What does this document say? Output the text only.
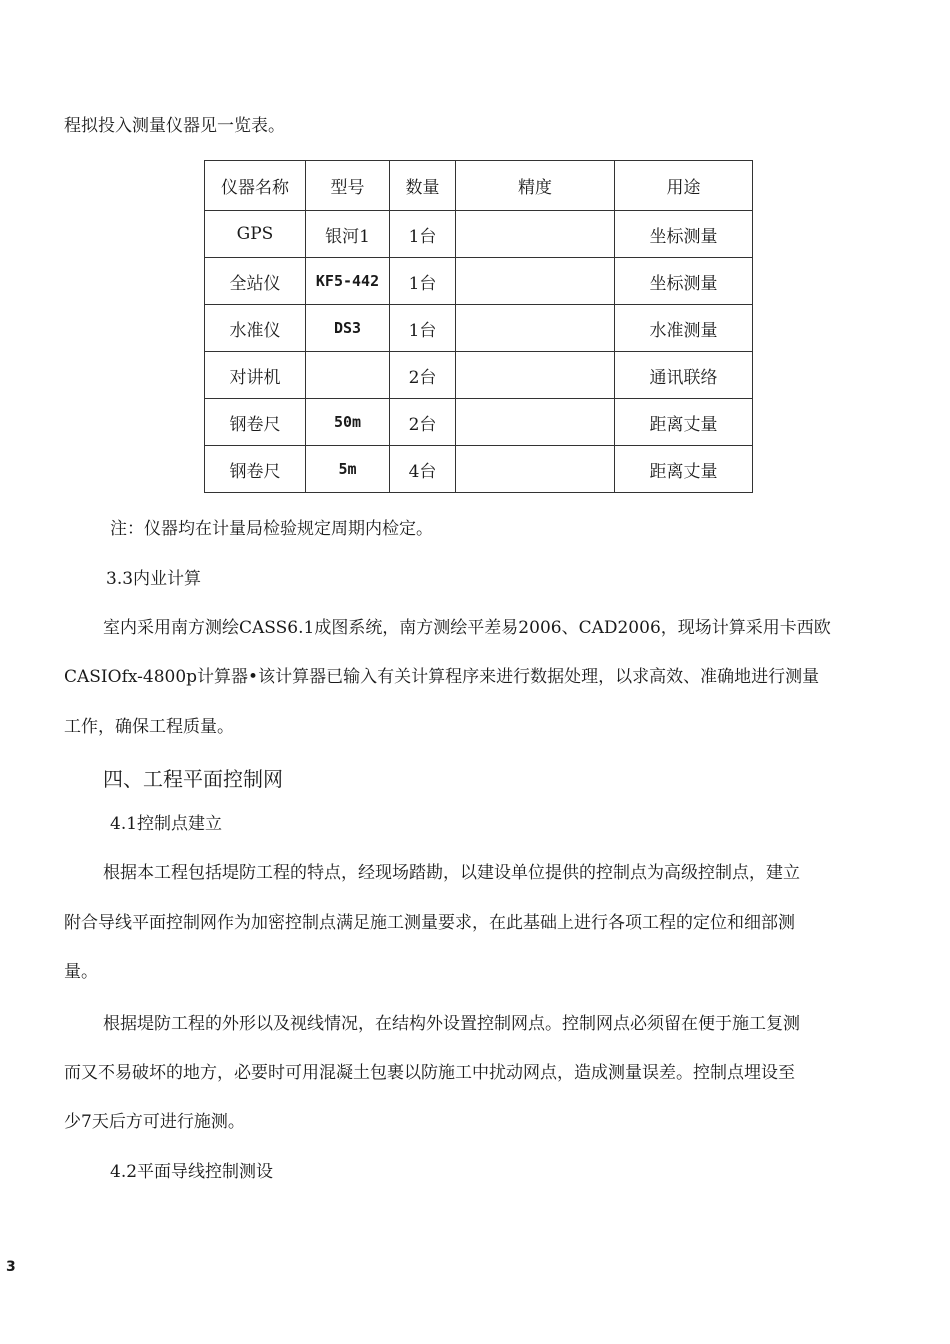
程拟投入测量仪器见一览表。
仪器名称	型号	数量	精度	用途
GPS	银河1	1台		坐标测量
全站仪	KF5-442	1台		坐标测量
水准仪	DS3	1台		水准测量
对讲机		2台		通讯联络
钢卷尺	50m	2台		距离丈量
钢卷尺	5m	4台		距离丈量
注：仪器均在计量局检验规定周期内检定。
3.3内业计算
室内采用南方测绘CASS6.1成图系统，南方测绘平差易2006、CAD2006，现场计算采用卡西欧
CASIOfx-4800p计算器•该计算器已输入有关计算程序来进行数据处理，以求高效、准确地进行测量
工作，确保工程质量。
四、工程平面控制网
4.1控制点建立
根据本工程包括堤防工程的特点，经现场踏勘，以建设单位提供的控制点为高级控制点，建立
附合导线平面控制网作为加密控制点满足施工测量要求，在此基础上进行各项工程的定位和细部测
量。
根据堤防工程的外形以及视线情况，在结构外设置控制网点。控制网点必须留在便于施工复测
而又不易破坏的地方，必要时可用混凝土包裹以防施工中扰动网点，造成测量误差。控制点埋设至
少7天后方可进行施测。
4.2平面导线控制测设
3
